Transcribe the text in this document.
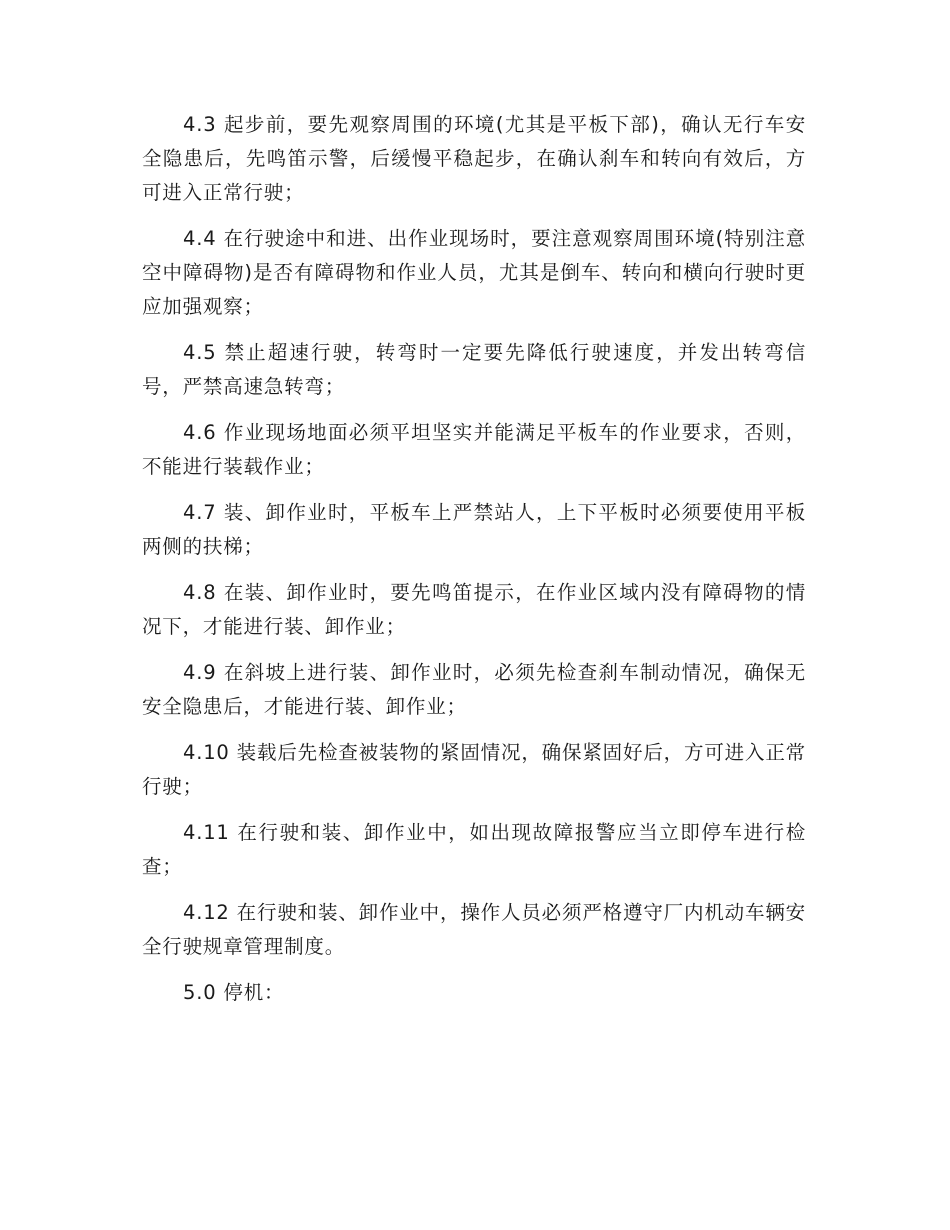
4.3 起步前，要先观察周围的环境(尤其是平板下部)，确认无行车安全隐患后，先鸣笛示警，后缓慢平稳起步，在确认刹车和转向有效后，方可进入正常行驶；

4.4 在行驶途中和进、出作业现场时，要注意观察周围环境(特别注意空中障碍物)是否有障碍物和作业人员，尤其是倒车、转向和横向行驶时更应加强观察；

4.5 禁止超速行驶，转弯时一定要先降低行驶速度，并发出转弯信号，严禁高速急转弯；

4.6 作业现场地面必须平坦坚实并能满足平板车的作业要求，否则，不能进行装载作业；

4.7 装、卸作业时，平板车上严禁站人，上下平板时必须要使用平板两侧的扶梯；

4.8 在装、卸作业时，要先鸣笛提示，在作业区域内没有障碍物的情况下，才能进行装、卸作业；

4.9 在斜坡上进行装、卸作业时，必须先检查刹车制动情况，确保无安全隐患后，才能进行装、卸作业；

4.10 装载后先检查被装物的紧固情况，确保紧固好后，方可进入正常行驶；

4.11 在行驶和装、卸作业中，如出现故障报警应当立即停车进行检查；

4.12 在行驶和装、卸作业中，操作人员必须严格遵守厂内机动车辆安全行驶规章管理制度。

5.0 停机：
